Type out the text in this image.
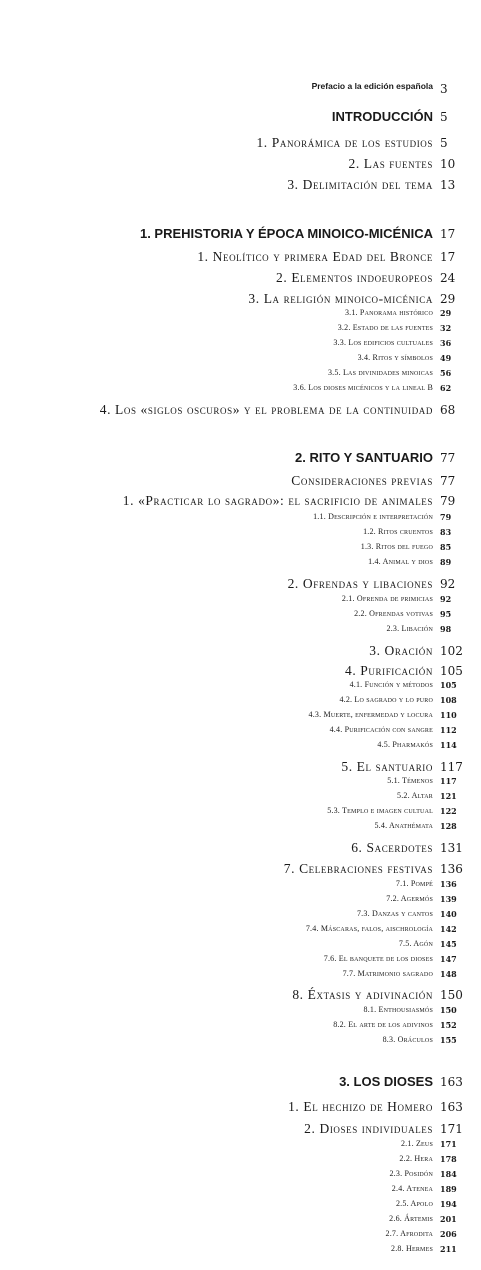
Prefacio a la edición española 3
INTRODUCCIÓN 5
1. Panorámica de los estudios 5
2. Las fuentes 10
3. Delimitación del tema 13
1. PREHISTORIA Y ÉPOCA MINOICO-MICÉNICA 17
1. Neolítico y primera Edad del Bronce 17
2. Elementos indoeuropeos 24
3. La religión minoico-micénica 29
3.1. Panorama histórico 29
3.2. Estado de las fuentes 32
3.3. Los edificios cultuales 36
3.4. Ritos y símbolos 49
3.5. Las divinidades minoicas 56
3.6. Los dioses micénicos y la lineal B 62
4. Los «siglos oscuros» y el problema de la continuidad 68
2. RITO Y SANTUARIO 77
Consideraciones previas 77
1. «Practicar lo sagrado»: el sacrificio de animales 79
1.1. Descripción e interpretación 79
1.2. Ritos cruentos 83
1.3. Ritos del fuego 85
1.4. Animal y dios 89
2. Ofrendas y libaciones 92
2.1. Ofrenda de primicias 92
2.2. Ofrendas votivas 95
2.3. Libación 98
3. Oración 102
4. Purificación 105
4.1. Función y métodos 105
4.2. Lo sagrado y lo puro 108
4.3. Muerte, enfermedad y locura 110
4.4. Purificación con sangre 112
4.5. Pharmakós 114
5. El santuario 117
5.1. Témenos 117
5.2. Altar 121
5.3. Templo e imagen cultual 122
5.4. Anathémata 128
6. Sacerdotes 131
7. Celebraciones festivas 136
7.1. Pompé 136
7.2. Agermós 139
7.3. Danzas y cantos 140
7.4. Máscaras, falos, aischrología 142
7.5. Agón 145
7.6. El banquete de los dioses 147
7.7. Matrimonio sagrado 148
8. Éxtasis y adivinación 150
8.1. Enthousiasmós 150
8.2. El arte de los adivinos 152
8.3. Oráculos 155
3. LOS DIOSES 163
1. El hechizo de Homero 163
2. Dioses individuales 171
2.1. Zeus 171
2.2. Hera 178
2.3. Posidón 184
2.4. Atenea 189
2.5. Apolo 194
2.6. Ártemis 201
2.7. Afrodita 206
2.8. Hermes 211
